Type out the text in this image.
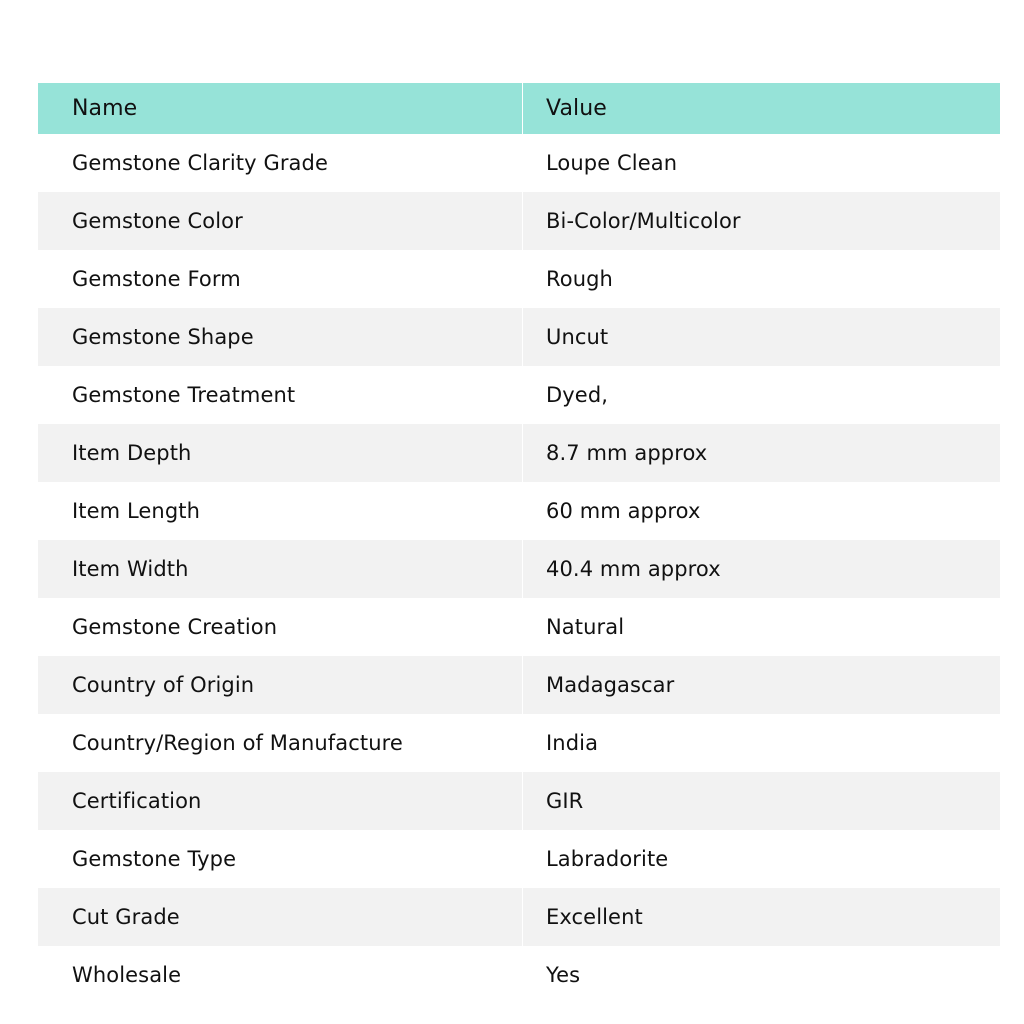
Name	Value
Gemstone Clarity Grade	Loupe Clean
Gemstone Color	Bi-Color/Multicolor
Gemstone Form	Rough
Gemstone Shape	Uncut
Gemstone Treatment	Dyed,
Item Depth	8.7 mm approx
Item Length	60 mm approx
Item Width	40.4 mm approx
Gemstone Creation	Natural
Country of Origin	Madagascar
Country/Region of Manufacture	India
Certification	GIR
Gemstone Type	Labradorite
Cut Grade	Excellent
Wholesale	Yes
